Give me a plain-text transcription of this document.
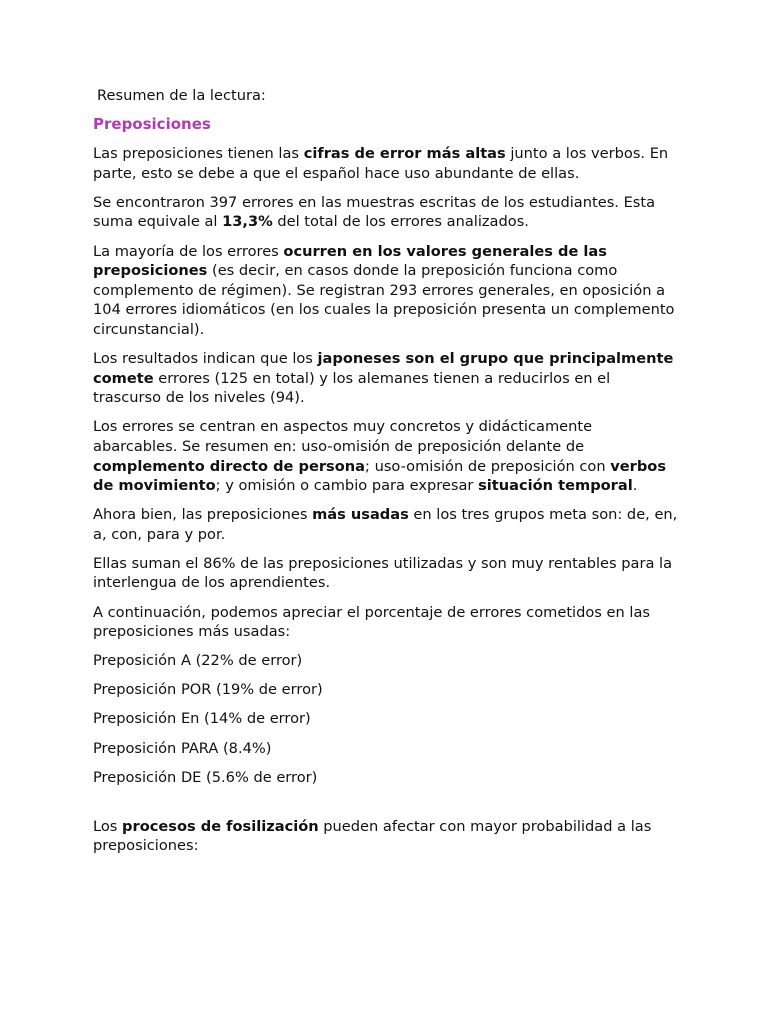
Resumen de la lectura:

Preposiciones

Las preposiciones tienen las cifras de error más altas junto a los verbos. En parte, esto se debe a que el español hace uso abundante de ellas.

Se encontraron 397 errores en las muestras escritas de los estudiantes. Esta suma equivale al 13,3% del total de los errores analizados.

La mayoría de los errores ocurren en los valores generales de las preposiciones (es decir, en casos donde la preposición funciona como complemento de régimen). Se registran 293 errores generales, en oposición a 104 errores idiomáticos (en los cuales la preposición presenta un complemento circunstancial).

Los resultados indican que los japoneses son el grupo que principalmente comete errores (125 en total) y los alemanes tienen a reducirlos en el trascurso de los niveles (94).

Los errores se centran en aspectos muy concretos y didácticamente abarcables. Se resumen en: uso-omisión de preposición delante de complemento directo de persona; uso-omisión de preposición con verbos de movimiento; y omisión o cambio para expresar situación temporal.

Ahora bien, las preposiciones más usadas en los tres grupos meta son: de, en, a, con, para y por.

Ellas suman el 86% de las preposiciones utilizadas y son muy rentables para la interlengua de los aprendientes.

A continuación, podemos apreciar el porcentaje de errores cometidos en las preposiciones más usadas:

Preposición A (22% de error)

Preposición POR (19% de error)

Preposición En (14% de error)

Preposición PARA (8.4%)

Preposición DE (5.6% de error)

Los procesos de fosilización pueden afectar con mayor probabilidad a las preposiciones:
